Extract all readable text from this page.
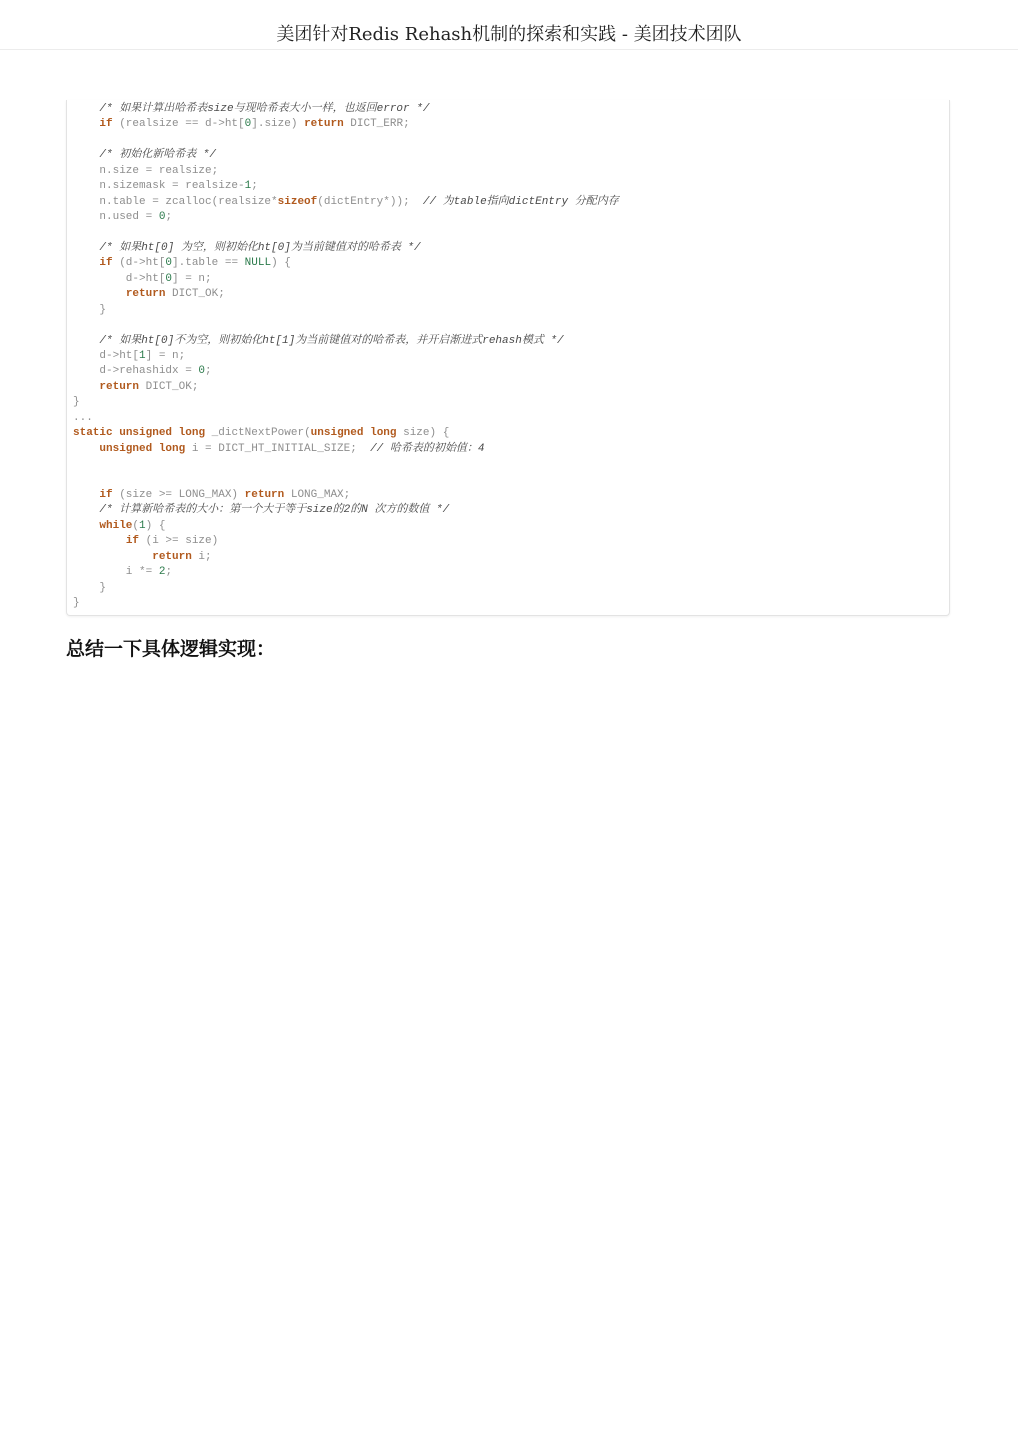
美团针对Redis Rehash机制的探索和实践 - 美团技术团队
/* 如果计算出哈希表size与现哈希表大小一样，也返回error */
if (realsize == d->ht[0].size) return DICT_ERR;
/* 初始化新哈希表 */
n.size = realsize;
n.sizemask = realsize-1;
n.table = zcalloc(realsize*sizeof(dictEntry*));  // 为table指向dictEntry 分配内存
n.used = 0;
/* 如果ht[0] 为空，则初始化ht[0]为当前键值对的哈希表 */
if (d->ht[0].table == NULL) {
d->ht[0] = n;
return DICT_OK;
}
/* 如果ht[0]不为空，则初始化ht[1]为当前键值对的哈希表，并开启渐进式rehash模式 */
d->ht[1] = n;
d->rehashidx = 0;
return DICT_OK;
}
...
static unsigned long _dictNextPower(unsigned long size) {
unsigned long i = DICT_HT_INITIAL_SIZE;  // 哈希表的初始值：4
if (size >= LONG_MAX) return LONG_MAX;
/* 计算新哈希表的大小：第一个大于等于size的2的N 次方的数值 */
while(1) {
if (i >= size)
return i;
i *= 2;
}
}
总结一下具体逻辑实现：
